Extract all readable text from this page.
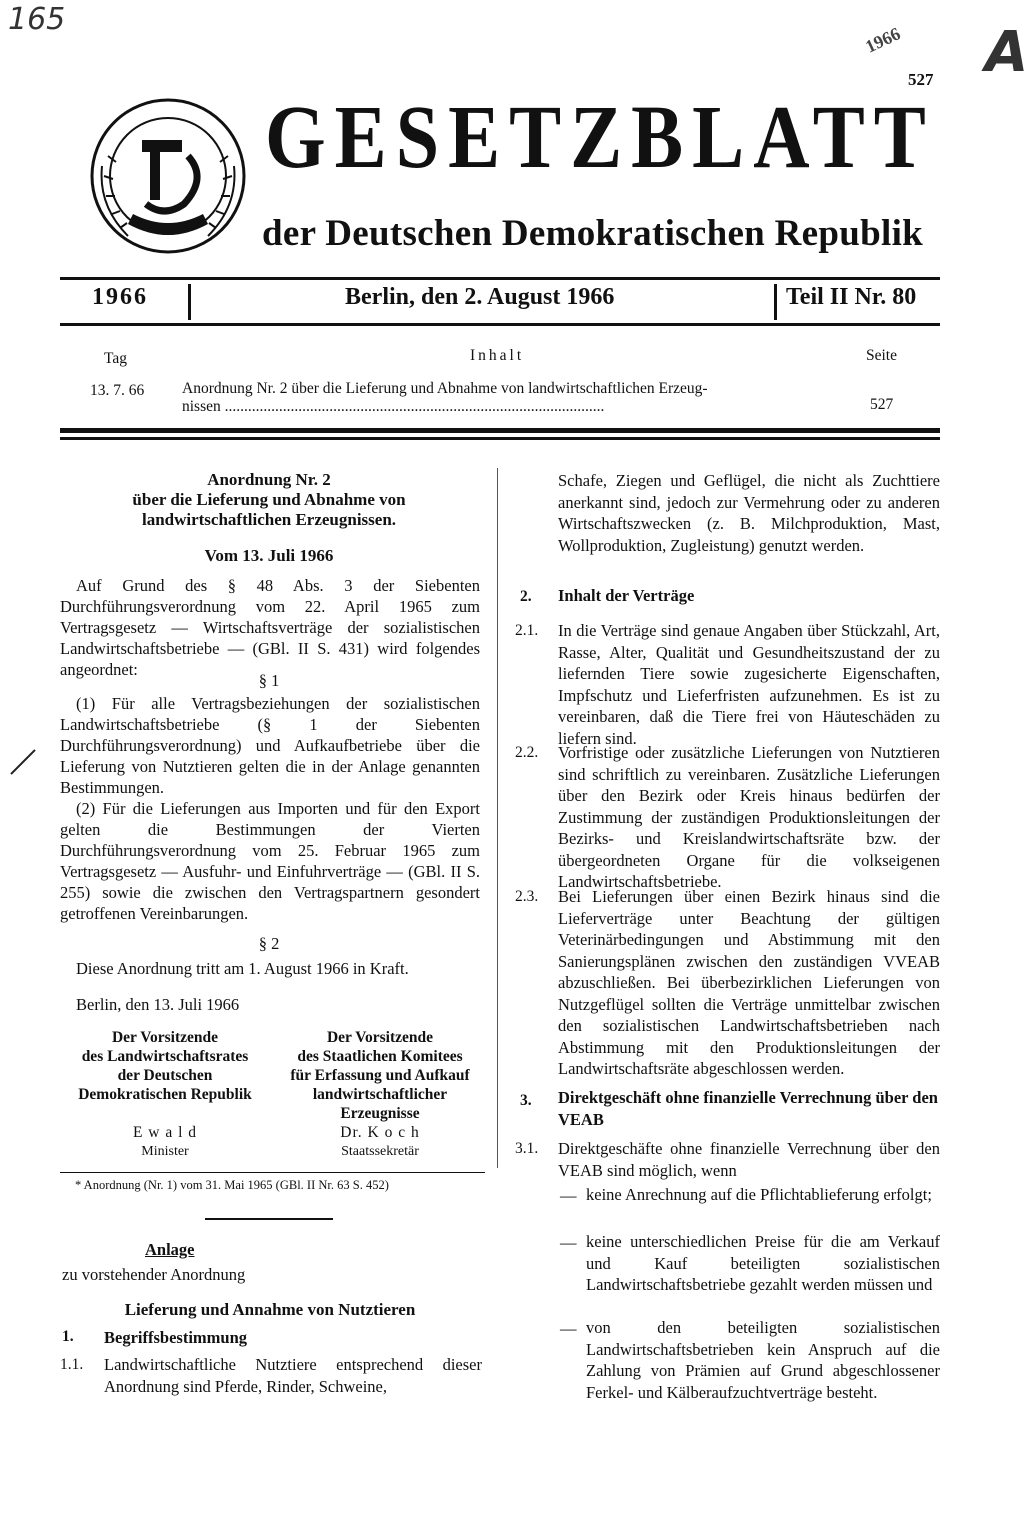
165
A
1966
GESETZBLATT
der Deutschen Demokratischen Republik
527
1966	Berlin, den 2. August 1966	Teil II Nr. 80
Tag	Inhalt	Seite
13. 7. 66 Anordnung Nr. 2 über die Lieferung und Abnahme von landwirtschaftlichen Erzeug-
nissen ..................................................................................................	527
Anordnung Nr. 2
über die Lieferung und Abnahme von
landwirtschaftlichen Erzeugnissen.
Vom 13. Juli 1966
Auf Grund des § 48 Abs. 3 der Siebenten Durchführungsverordnung vom 22. April 1965 zum Vertragsgesetz — Wirtschaftsverträge der sozialistischen Landwirtschaftsbetriebe — (GBl. II S. 431) wird folgendes angeordnet:
§ 1
(1) Für alle Vertragsbeziehungen der sozialistischen Landwirtschaftsbetriebe (§ 1 der Siebenten Durchführungsverordnung) und Aufkaufbetriebe über die Lieferung von Nutztieren gelten die in der Anlage genannten Bestimmungen.
(2) Für die Lieferungen aus Importen und für den Export gelten die Bestimmungen der Vierten Durchführungsverordnung vom 25. Februar 1965 zum Vertragsgesetz — Ausfuhr- und Einfuhrverträge — (GBl. II S. 255) sowie die zwischen den Vertragspartnern gesondert getroffenen Vereinbarungen.
§ 2
Diese Anordnung tritt am 1. August 1966 in Kraft.
Berlin, den 13. Juli 1966
Der Vorsitzende
des Landwirtschaftsrates
der Deutschen
Demokratischen Republik
E w a l d
Minister
Der Vorsitzende
des Staatlichen Komitees
für Erfassung und Aufkauf
landwirtschaftlicher
Erzeugnisse
Dr. K o c h
Staatssekretär
* Anordnung (Nr. 1) vom 31. Mai 1965 (GBl. II Nr. 63 S. 452)
Anlage
zu vorstehender Anordnung
Lieferung und Annahme von Nutztieren
1. Begriffsbestimmung
1.1. Landwirtschaftliche Nutztiere entsprechend dieser Anordnung sind Pferde, Rinder, Schweine,
Schafe, Ziegen und Geflügel, die nicht als Zuchttiere anerkannt sind, jedoch zur Vermehrung oder zu anderen Wirtschaftszwecken (z. B. Milchproduktion, Mast, Wollproduktion, Zugleistung) genutzt werden.
2. Inhalt der Verträge
2.1. In die Verträge sind genaue Angaben über Stückzahl, Art, Rasse, Alter, Qualität und Gesundheitszustand der zu liefernden Tiere sowie zugesicherte Eigenschaften, Impfschutz und Lieferfristen aufzunehmen. Es ist zu vereinbaren, daß die Tiere frei von Häuteschäden zu liefern sind.
2.2. Vorfristige oder zusätzliche Lieferungen von Nutztieren sind schriftlich zu vereinbaren. Zusätzliche Lieferungen über den Bezirk oder Kreis hinaus bedürfen der Zustimmung der zuständigen Produktionsleitungen der Bezirks- und Kreislandwirtschaftsräte bzw. der übergeordneten Organe für die volkseigenen Landwirtschaftsbetriebe.
2.3. Bei Lieferungen über einen Bezirk hinaus sind die Lieferverträge unter Beachtung der gültigen Veterinärbedingungen und Abstimmung mit den Sanierungsplänen zwischen den zuständigen VVEAB abzuschließen. Bei überbezirklichen Lieferungen von Nutzgeflügel sollten die Verträge unmittelbar zwischen den sozialistischen Landwirtschaftsbetrieben nach Abstimmung mit den Produktionsleitungen der Landwirtschaftsräte abgeschlossen werden.
3. Direktgeschäft ohne finanzielle Verrechnung über den VEAB
3.1. Direktgeschäfte ohne finanzielle Verrechnung über den VEAB sind möglich, wenn
— keine Anrechnung auf die Pflichtablieferung erfolgt;
— keine unterschiedlichen Preise für die am Verkauf und Kauf beteiligten sozialistischen Landwirtschaftsbetriebe gezahlt werden müssen und
— von den beteiligten sozialistischen Landwirtschaftsbetrieben kein Anspruch auf die Zahlung von Prämien auf Grund abgeschlossener Ferkel- und Kälberaufzuchtverträge besteht.
